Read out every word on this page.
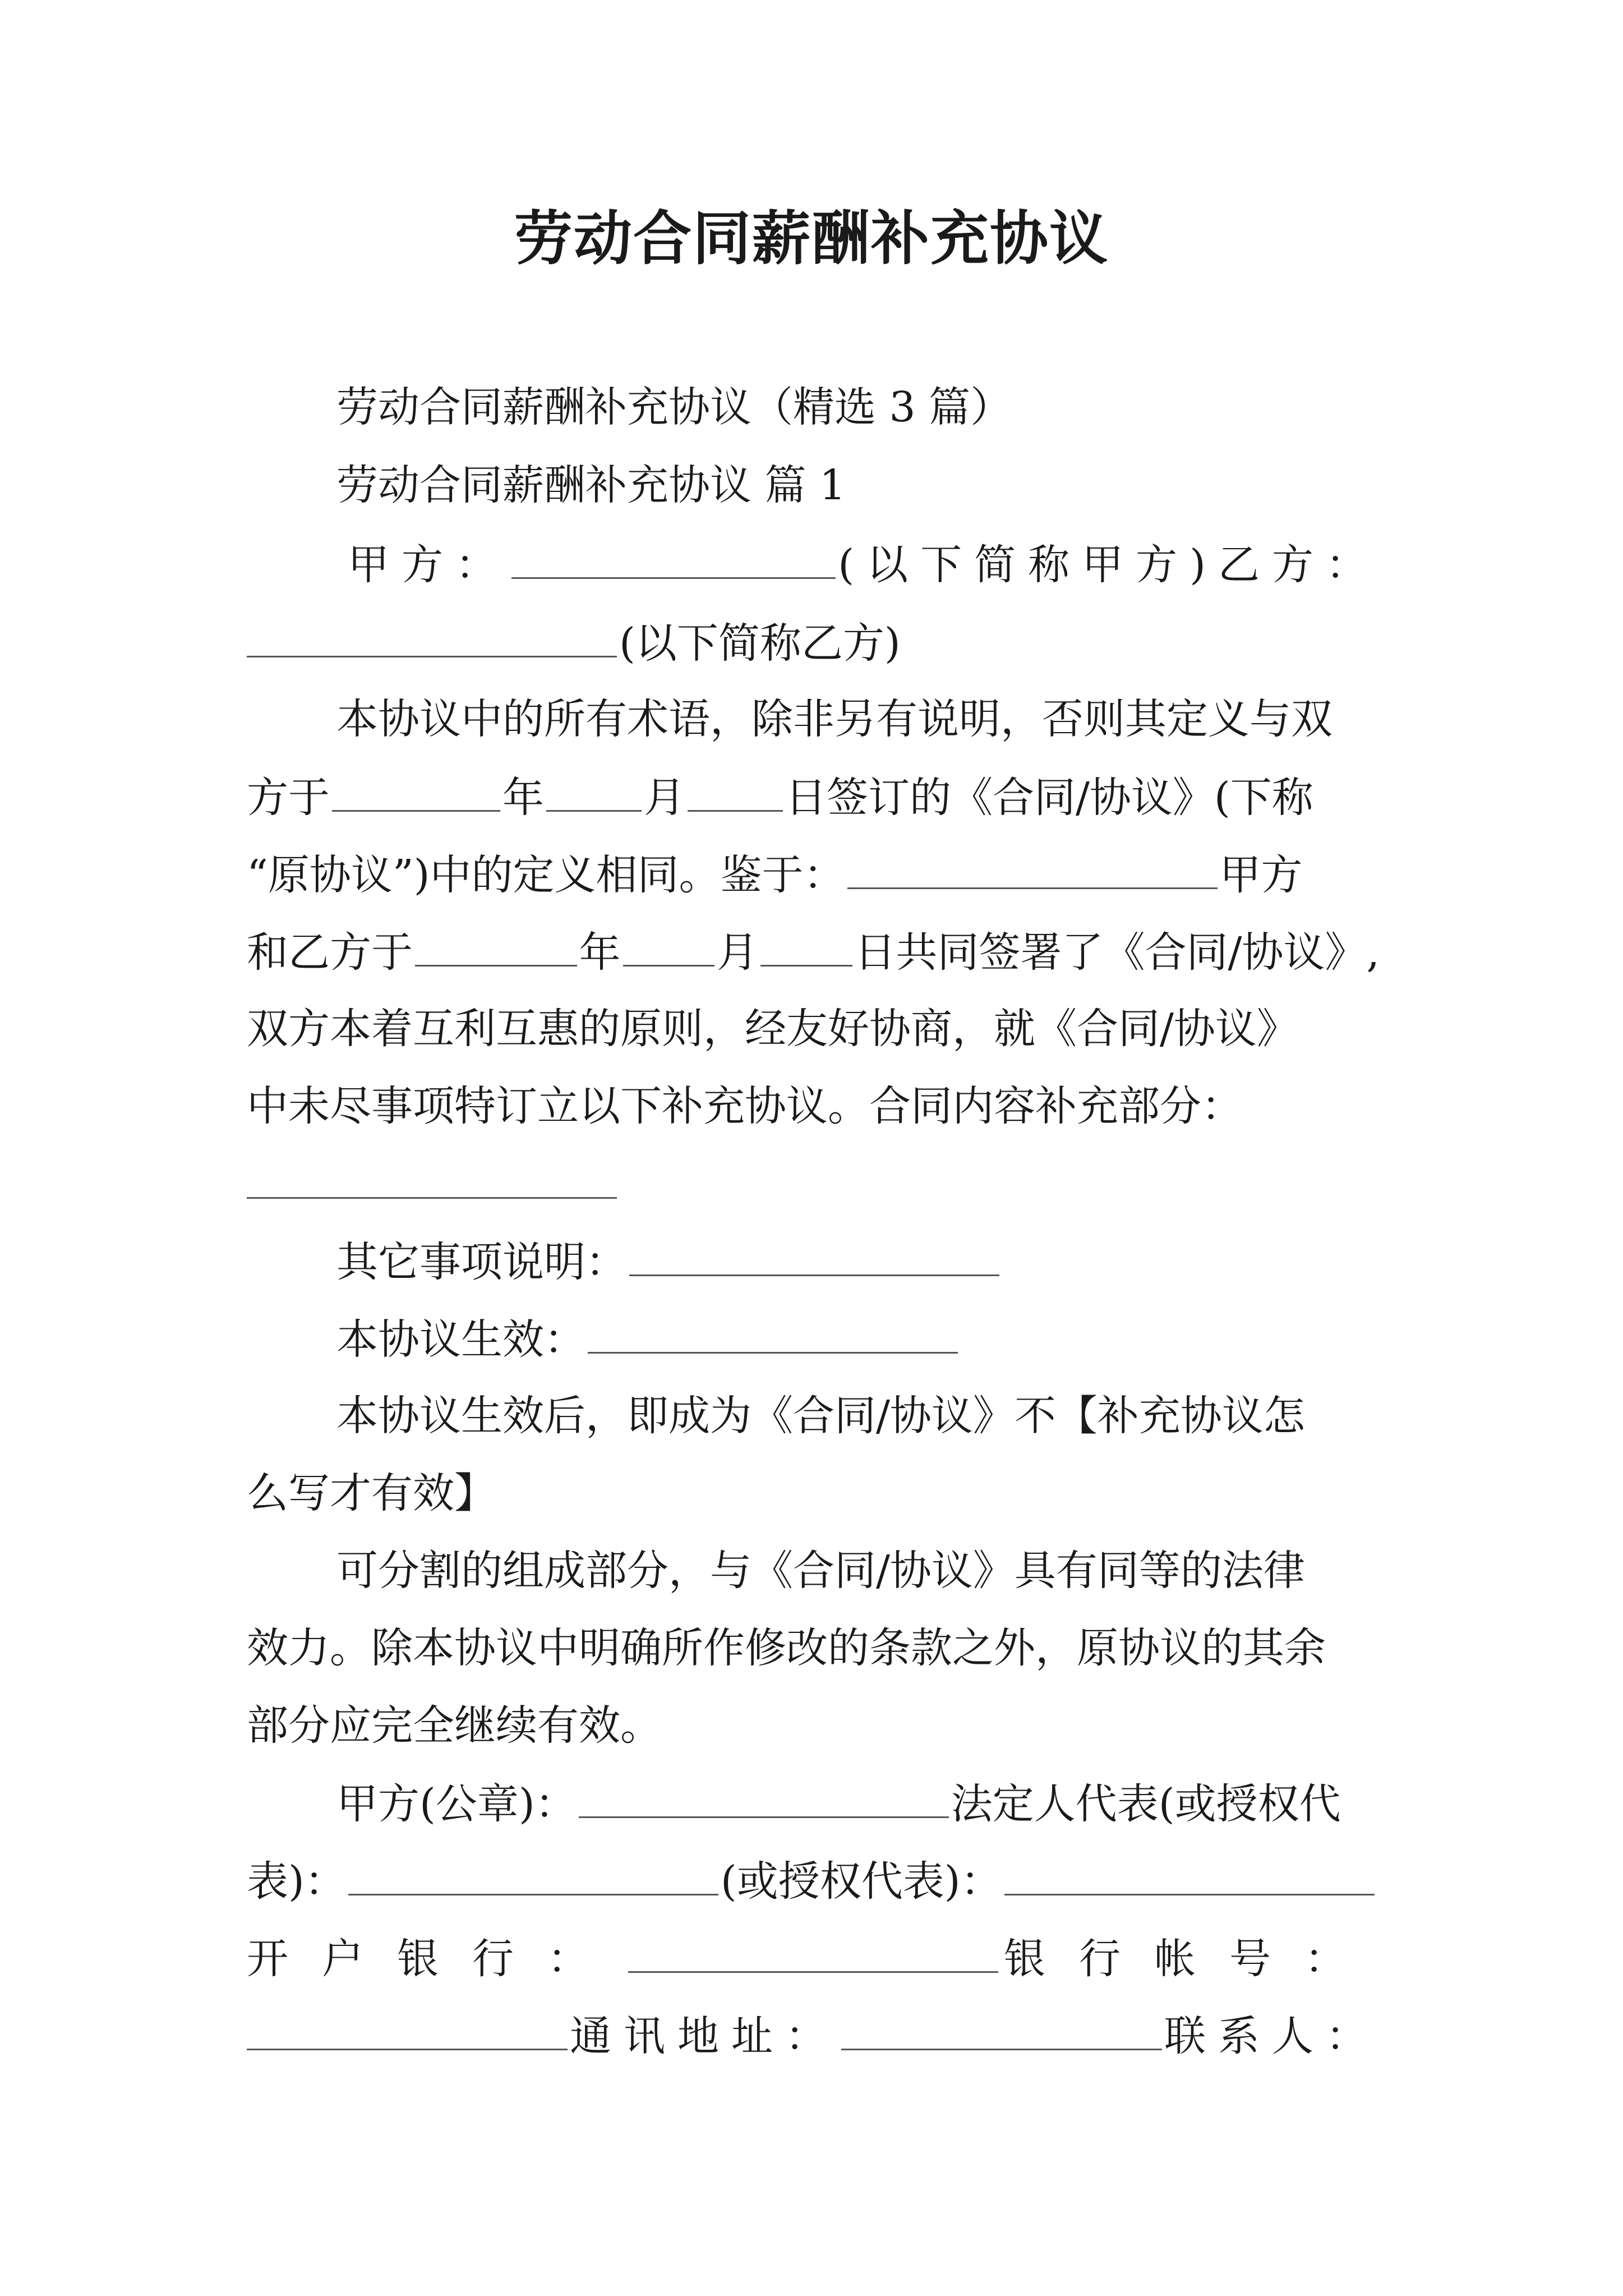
劳动合同薪酬补充协议
劳动合同薪酬补充协议（精选 3 篇）
劳动合同薪酬补充协议 篇 1
甲方：	(以下简称甲方) 乙方：
(以下简称乙方)
本协议中的所有术语，除非另有说明，否则其定义与双
方于	年 月 日签订的《合同/协议》(下称
“原协议”)中的定义相同。鉴于：	甲方
和乙方于	年 月 日共同签署了《合同/协议》,
双方本着互利互惠的原则，经友好协商，就《合同/协议》
中未尽事项特订立以下补充协议。合同内容补充部分：
其它事项说明：
本协议生效：
本协议生效后，即成为《合同/协议》不【补充协议怎
么写才有效】
可分割的组成部分，与《合同/协议》具有同等的法律
效力。除本协议中明确所作修改的条款之外，原协议的其余
部分应完全继续有效。
甲方(公章)：	法定人代表(或授权代
表)：	(或授权代表)：
开户银行：	银行帐号：
通讯地址：	联系人：
